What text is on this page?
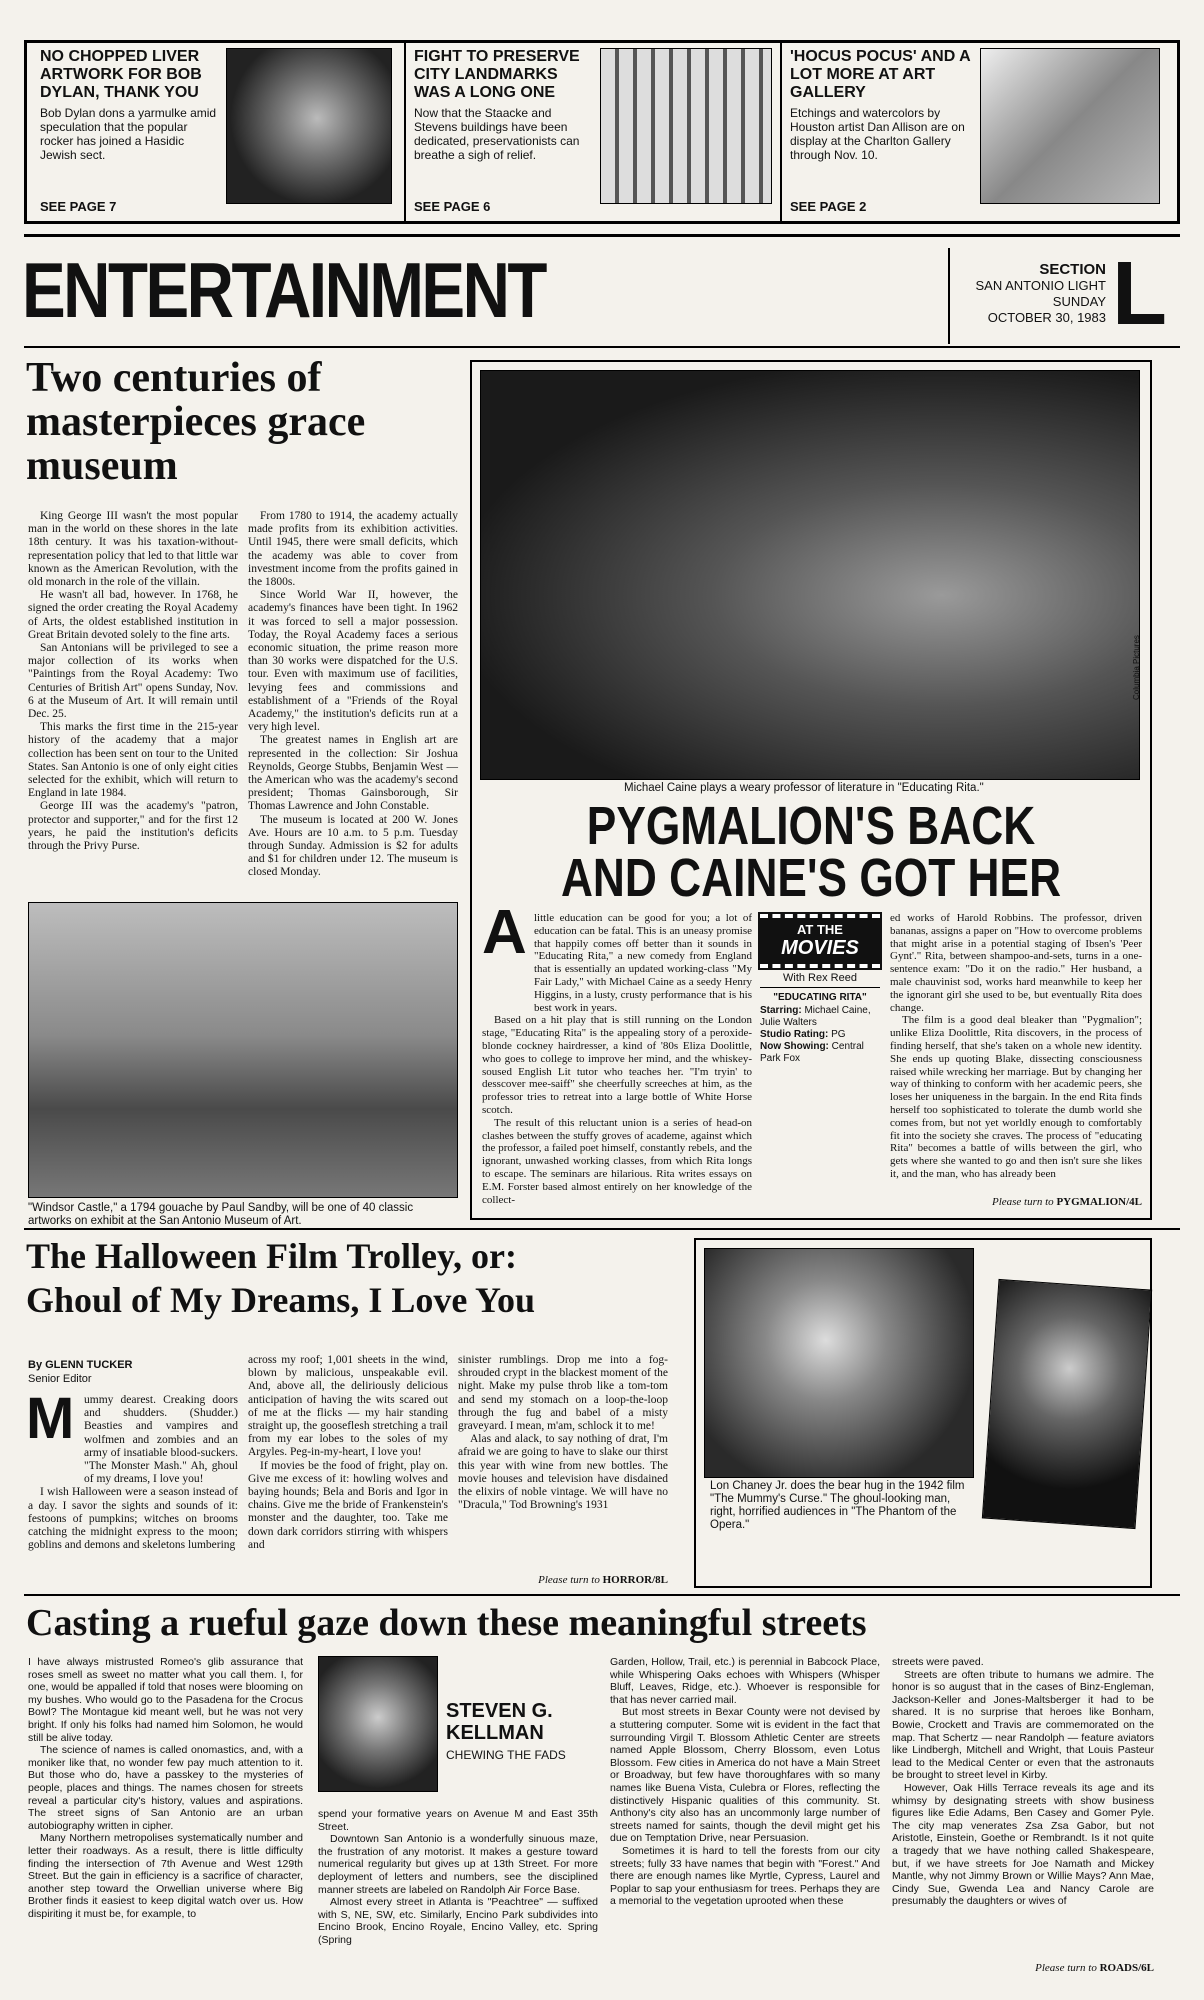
NO CHOPPED LIVER ARTWORK FOR BOB DYLAN, THANK YOU
Bob Dylan dons a yarmulke amid speculation that the popular rocker has joined a Hasidic Jewish sect.
SEE PAGE 7
FIGHT TO PRESERVE CITY LANDMARKS WAS A LONG ONE
Now that the Staacke and Stevens buildings have been dedicated, preservationists can breathe a sigh of relief.
SEE PAGE 6
'HOCUS POCUS' AND A LOT MORE AT ART GALLERY
Etchings and watercolors by Houston artist Dan Allison are on display at the Charlton Gallery through Nov. 10.
SEE PAGE 2
ENTERTAINMENT	SECTION
SAN ANTONIO LIGHT
SUNDAY
OCTOBER 30, 1983 L
Two centuries of masterpieces grace museum

King George III wasn't the most popular man in the world on these shores in the late 18th century. It was his taxation-without-representation policy that led to that little war known as the American Revolution, with the old monarch in the role of the villain.

He wasn't all bad, however. In 1768, he signed the order creating the Royal Academy of Arts, the oldest established institution in Great Britain devoted solely to the fine arts.

San Antonians will be privileged to see a major collection of its works when "Paintings from the Royal Academy: Two Centuries of British Art" opens Sunday, Nov. 6 at the Museum of Art. It will remain until Dec. 25.

This marks the first time in the 215-year history of the academy that a major collection has been sent on tour to the United States. San Antonio is one of only eight cities selected for the exhibit, which will return to England in late 1984.

George III was the academy's "patron, protector and supporter," and for the first 12 years, he paid the institution's deficits through the Privy Purse.

From 1780 to 1914, the academy actually made profits from its exhibition activities. Until 1945, there were small deficits, which the academy was able to cover from investment income from the profits gained in the 1800s.

Since World War II, however, the academy's finances have been tight. In 1962 it was forced to sell a major possession. Today, the Royal Academy faces a serious economic situation, the prime reason more than 30 works were dispatched for the U.S. tour. Even with maximum use of facilities, levying fees and commissions and establishment of a "Friends of the Royal Academy," the institution's deficits run at a very high level.

The greatest names in English art are represented in the collection: Sir Joshua Reynolds, George Stubbs, Benjamin West — the American who was the academy's second president; Thomas Gainsborough, Sir Thomas Lawrence and John Constable.

The museum is located at 200 W. Jones Ave. Hours are 10 a.m. to 5 p.m. Tuesday through Sunday. Admission is $2 for adults and $1 for children under 12. The museum is closed Monday.

"Windsor Castle," a 1794 gouache by Paul Sandby, will be one of 40 classic artworks on exhibit at the San Antonio Museum of Art.
Columbia Pictures
Michael Caine plays a weary professor of literature in "Educating Rita."
PYGMALION'S BACK
AND CAINE'S GOT HER
A little education can be good for you; a lot of education can be fatal. This is an uneasy promise that happily comes off better than it sounds in "Educating Rita," a new comedy from England that is essentially an updated working-class "My Fair Lady," with Michael Caine as a seedy Henry Higgins, in a lusty, crusty performance that is his best work in years.

Based on a hit play that is still running on the London stage, "Educating Rita" is the appealing story of a peroxide-blonde cockney hairdresser, a kind of '80s Eliza Doolittle, who goes to college to improve her mind, and the whiskey-soused English Lit tutor who teaches her. "I'm tryin' to desscover mee-saiff" she cheerfully screeches at him, as the professor tries to retreat into a large bottle of White Horse scotch.

The result of this reluctant union is a series of head-on clashes between the stuffy groves of academe, against which the professor, a failed poet himself, constantly rebels, and the ignorant, unwashed working classes, from which Rita longs to escape. The seminars are hilarious. Rita writes essays on E.M. Forster based almost entirely on her knowledge of the collect-

AT THE
MOVIES
With Rex Reed
"EDUCATING RITA"
Starring: Michael Caine, Julie Walters
Studio Rating: PG
Now Showing: Central Park Fox

ed works of Harold Robbins. The professor, driven bananas, assigns a paper on "How to overcome problems that might arise in a potential staging of Ibsen's 'Peer Gynt'." Rita, between shampoo-and-sets, turns in a one-sentence exam: "Do it on the radio." Her husband, a male chauvinist sod, works hard meanwhile to keep her the ignorant girl she used to be, but eventually Rita does change.

The film is a good deal bleaker than "Pygmalion"; unlike Eliza Doolittle, Rita discovers, in the process of finding herself, that she's taken on a whole new identity. She ends up quoting Blake, dissecting consciousness raised while wrecking her marriage. But by changing her way of thinking to conform with her academic peers, she loses her uniqueness in the bargain. In the end Rita finds herself too sophisticated to tolerate the dumb world she comes from, but not yet worldly enough to comfortably fit into the society she craves. The process of "educating Rita" becomes a battle of wills between the girl, who gets where she wanted to go and then isn't sure she likes it, and the man, who has already been

Please turn to PYGMALION/4L
The Halloween Film Trolley, or:
Ghoul of My Dreams, I Love You
By GLENN TUCKER
Senior Editor
M ummy dearest. Creaking doors and shudders. (Shudder.) Beasties and vampires and wolfmen and zombies and an army of insatiable blood-suckers. "The Monster Mash." Ah, ghoul of my dreams, I love you!

I wish Halloween were a season instead of a day. I savor the sights and sounds of it: festoons of pumpkins; witches on brooms catching the midnight express to the moon; goblins and demons and skeletons lumbering

across my roof; 1,001 sheets in the wind, blown by malicious, unspeakable evil. And, above all, the deliriously delicious anticipation of having the wits scared out of me at the flicks — my hair standing straight up, the gooseflesh stretching a trail from my ear lobes to the soles of my Argyles. Peg-in-my-heart, I love you!

If movies be the food of fright, play on. Give me excess of it: howling wolves and baying hounds; Bela and Boris and Igor in chains. Give me the bride of Frankenstein's monster and the daughter, too. Take me down dark corridors stirring with whispers and

sinister rumblings. Drop me into a fog-shrouded crypt in the blackest moment of the night. Make my pulse throb like a tom-tom and send my stomach on a loop-the-loop through the fug and babel of a misty graveyard. I mean, m'am, schlock it to me!

Alas and alack, to say nothing of drat, I'm afraid we are going to have to slake our thirst this year with wine from new bottles. The movie houses and television have disdained the elixirs of noble vintage. We will have no "Dracula," Tod Browning's 1931

Please turn to HORROR/8L
Lon Chaney Jr. does the bear hug in the 1942 film "The Mummy's Curse." The ghoul-looking man, right, horrified audiences in "The Phantom of the Opera."
Casting a rueful gaze down these meaningful streets

I have always mistrusted Romeo's glib assurance that roses smell as sweet no matter what you call them. I, for one, would be appalled if told that noses were blooming on my bushes. Who would go to the Pasadena for the Crocus Bowl? The Montague kid meant well, but he was not very bright. If only his folks had named him Solomon, he would still be alive today.

The science of names is called onomastics, and, with a moniker like that, no wonder few pay much attention to it. But those who do, have a passkey to the mysteries of people, places and things. The names chosen for streets reveal a particular city's history, values and aspirations. The street signs of San Antonio are an urban autobiography written in cipher.

Many Northern metropolises systematically number and letter their roadways. As a result, there is little difficulty finding the intersection of 7th Avenue and West 129th Street. But the gain in efficiency is a sacrifice of character, another step toward the Orwellian universe where Big Brother finds it easiest to keep digital watch over us. How dispiriting it must be, for example, to

STEVEN G.
KELLMAN
CHEWING THE FADS

spend your formative years on Avenue M and East 35th Street.

Downtown San Antonio is a wonderfully sinuous maze, the frustration of any motorist. It makes a gesture toward numerical regularity but gives up at 13th Street. For more deployment of letters and numbers, see the disciplined manner streets are labeled on Randolph Air Force Base.

Almost every street in Atlanta is "Peachtree" — suffixed with S, NE, SW, etc. Similarly, Encino Park subdivides into Encino Brook, Encino Royale, Encino Valley, etc. Spring (Spring

Garden, Hollow, Trail, etc.) is perennial in Babcock Place, while Whispering Oaks echoes with Whispers (Whisper Bluff, Leaves, Ridge, etc.). Whoever is responsible for that has never carried mail.

But most streets in Bexar County were not devised by a stuttering computer. Some wit is evident in the fact that surrounding Virgil T. Blossom Athletic Center are streets named Apple Blossom, Cherry Blossom, even Lotus Blossom. Few cities in America do not have a Main Street or Broadway, but few have thoroughfares with so many names like Buena Vista, Culebra or Flores, reflecting the distinctively Hispanic qualities of this community. St. Anthony's city also has an uncommonly large number of streets named for saints, though the devil might get his due on Temptation Drive, near Persuasion.

Sometimes it is hard to tell the forests from our city streets; fully 33 have names that begin with "Forest." And there are enough names like Myrtle, Cypress, Laurel and Poplar to sap your enthusiasm for trees. Perhaps they are a memorial to the vegetation uprooted when these

streets were paved.

Streets are often tribute to humans we admire. The honor is so august that in the cases of Binz-Engleman, Jackson-Keller and Jones-Maltsberger it had to be shared. It is no surprise that heroes like Bonham, Bowie, Crockett and Travis are commemorated on the map. That Schertz — near Randolph — feature aviators like Lindbergh, Mitchell and Wright, that Louis Pasteur lead to the Medical Center or even that the astronauts be brought to street level in Kirby.

However, Oak Hills Terrace reveals its age and its whimsy by designating streets with show business figures like Edie Adams, Ben Casey and Gomer Pyle. The city map venerates Zsa Zsa Gabor, but not Aristotle, Einstein, Goethe or Rembrandt. Is it not quite a tragedy that we have nothing called Shakespeare, but, if we have streets for Joe Namath and Mickey Mantle, why not Jimmy Brown or Willie Mays? Ann Mae, Cindy Sue, Gwenda Lea and Nancy Carole are presumably the daughters or wives of

Please turn to ROADS/6L
